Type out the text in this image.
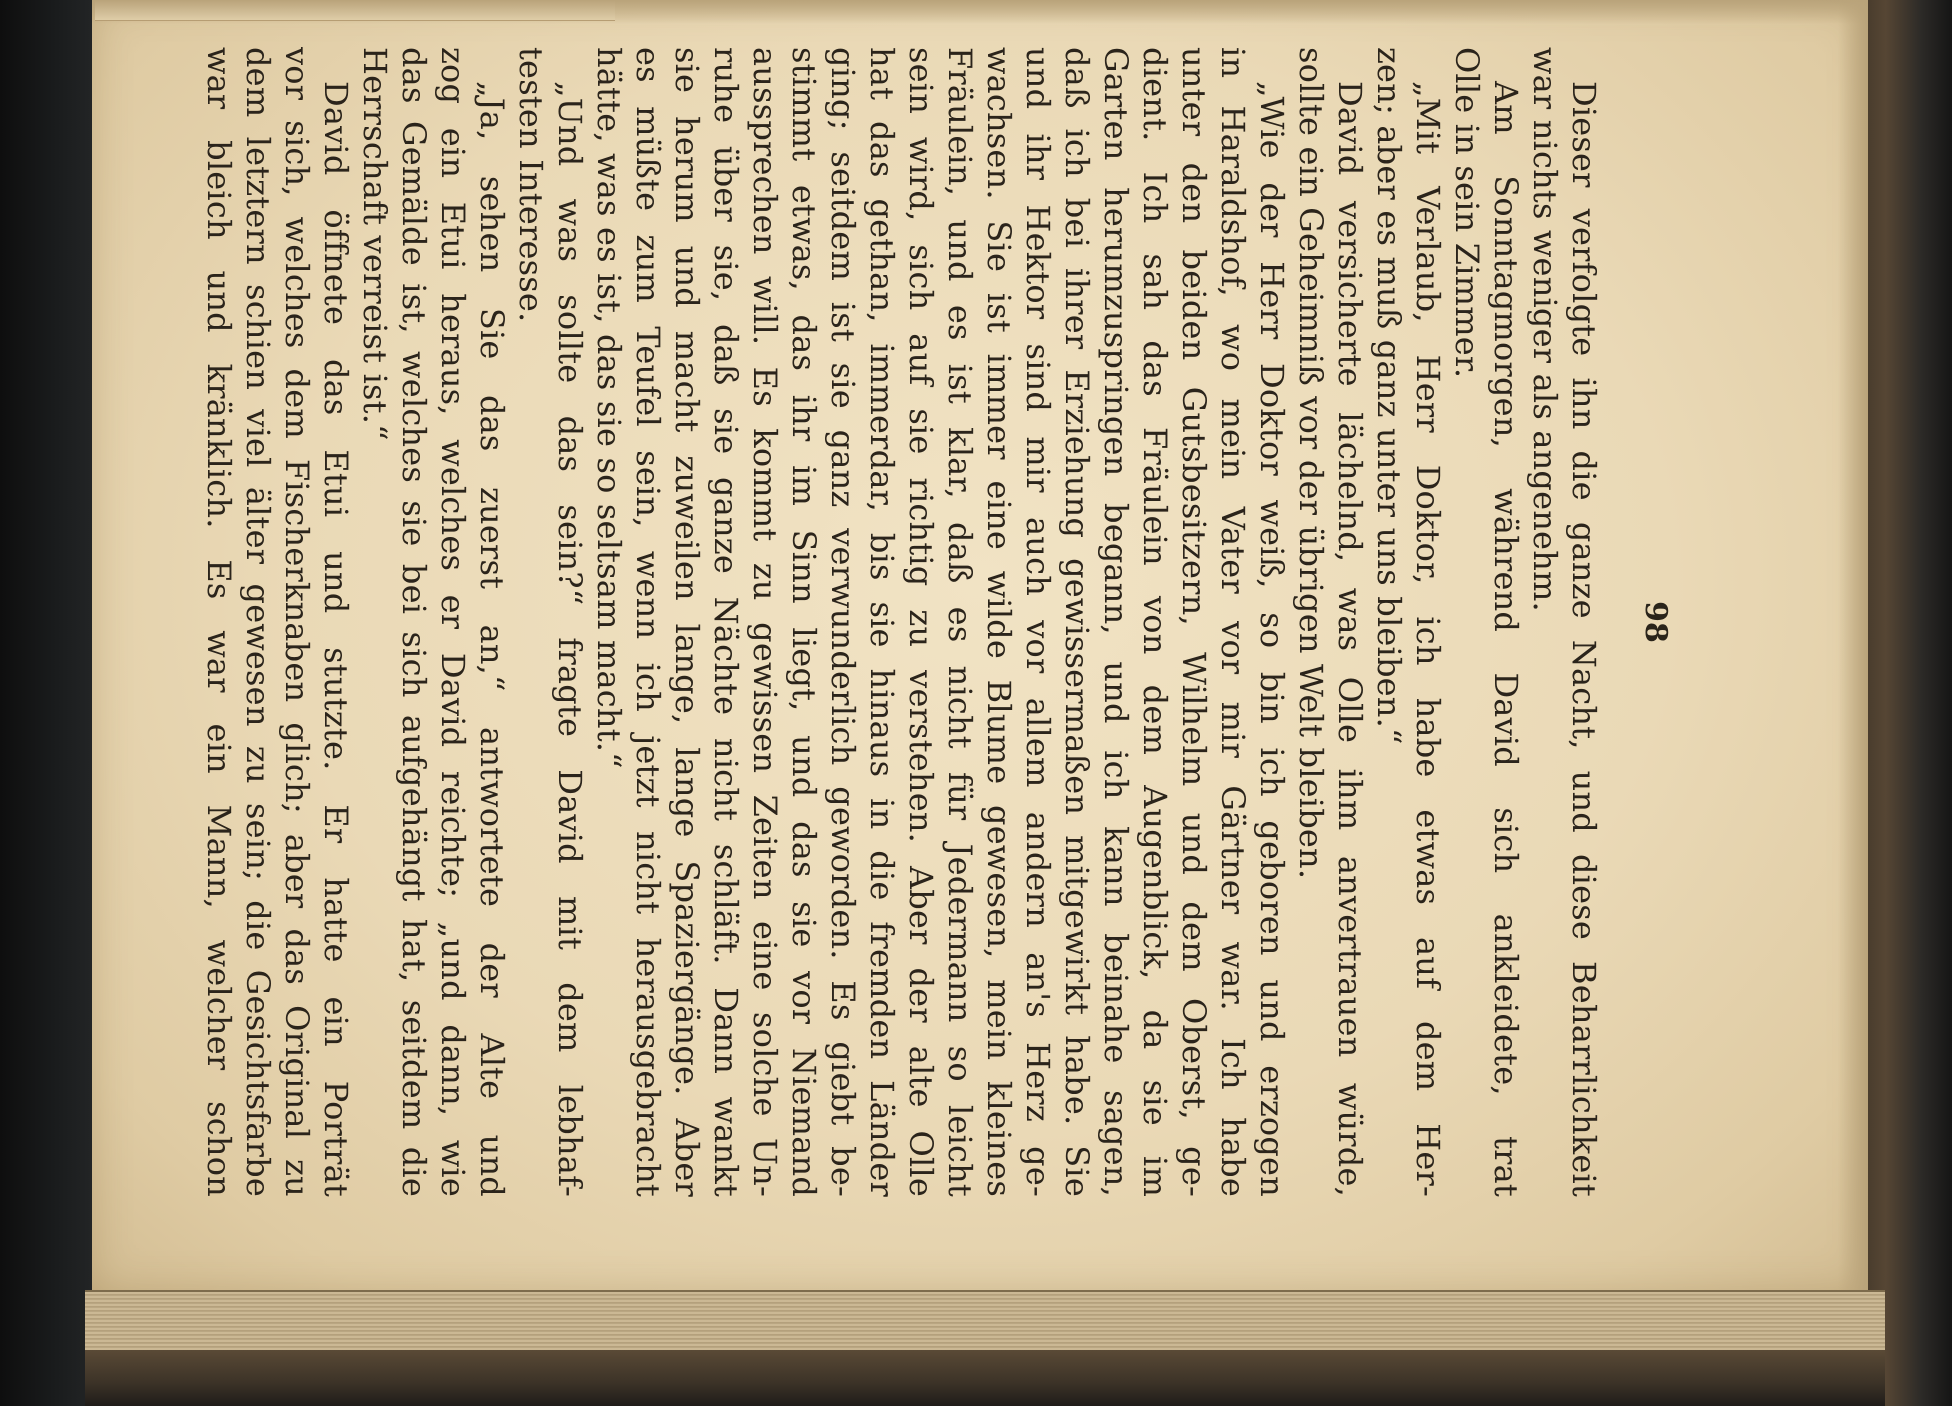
98
Dieser verfolgte ihn die ganze Nacht, und diese Beharrlichkeit
war nichts weniger als angenehm.
Am Sonntagmorgen, während David sich ankleidete, trat
Olle in sein Zimmer.
„Mit Verlaub, Herr Doktor, ich habe etwas auf dem Her-
zen; aber es muß ganz unter uns bleiben.“
David versicherte lächelnd, was Olle ihm anvertrauen würde,
sollte ein Geheimniß vor der übrigen Welt bleiben.
„Wie der Herr Doktor weiß, so bin ich geboren und erzogen
in Haraldshof, wo mein Vater vor mir Gärtner war. Ich habe
unter den beiden Gutsbesitzern, Wilhelm und dem Oberst, ge-
dient. Ich sah das Fräulein von dem Augenblick, da sie im
Garten herumzuspringen begann, und ich kann beinahe sagen,
daß ich bei ihrer Erziehung gewissermaßen mitgewirkt habe. Sie
und ihr Hektor sind mir auch vor allem andern an's Herz ge-
wachsen. Sie ist immer eine wilde Blume gewesen, mein kleines
Fräulein, und es ist klar, daß es nicht für Jedermann so leicht
sein wird, sich auf sie richtig zu verstehen. Aber der alte Olle
hat das gethan, immerdar, bis sie hinaus in die fremden Länder
ging; seitdem ist sie ganz verwunderlich geworden. Es giebt be-
stimmt etwas, das ihr im Sinn liegt, und das sie vor Niemand
aussprechen will. Es kommt zu gewissen Zeiten eine solche Un-
ruhe über sie, daß sie ganze Nächte nicht schläft. Dann wankt
sie herum und macht zuweilen lange, lange Spaziergänge. Aber
es müßte zum Teufel sein, wenn ich jetzt nicht herausgebracht
hätte, was es ist, das sie so seltsam macht.“
„Und was sollte das sein?“ fragte David mit dem lebhaf-
testen Interesse.
„Ja, sehen Sie das zuerst an,“ antwortete der Alte und
zog ein Etui heraus, welches er David reichte; „und dann, wie
das Gemälde ist, welches sie bei sich aufgehängt hat, seitdem die
Herrschaft verreist ist.“
David öffnete das Etui und stutzte. Er hatte ein Porträt
vor sich, welches dem Fischerknaben glich; aber das Original zu
dem letztern schien viel älter gewesen zu sein; die Gesichtsfarbe
war bleich und kränklich. Es war ein Mann, welcher schon
